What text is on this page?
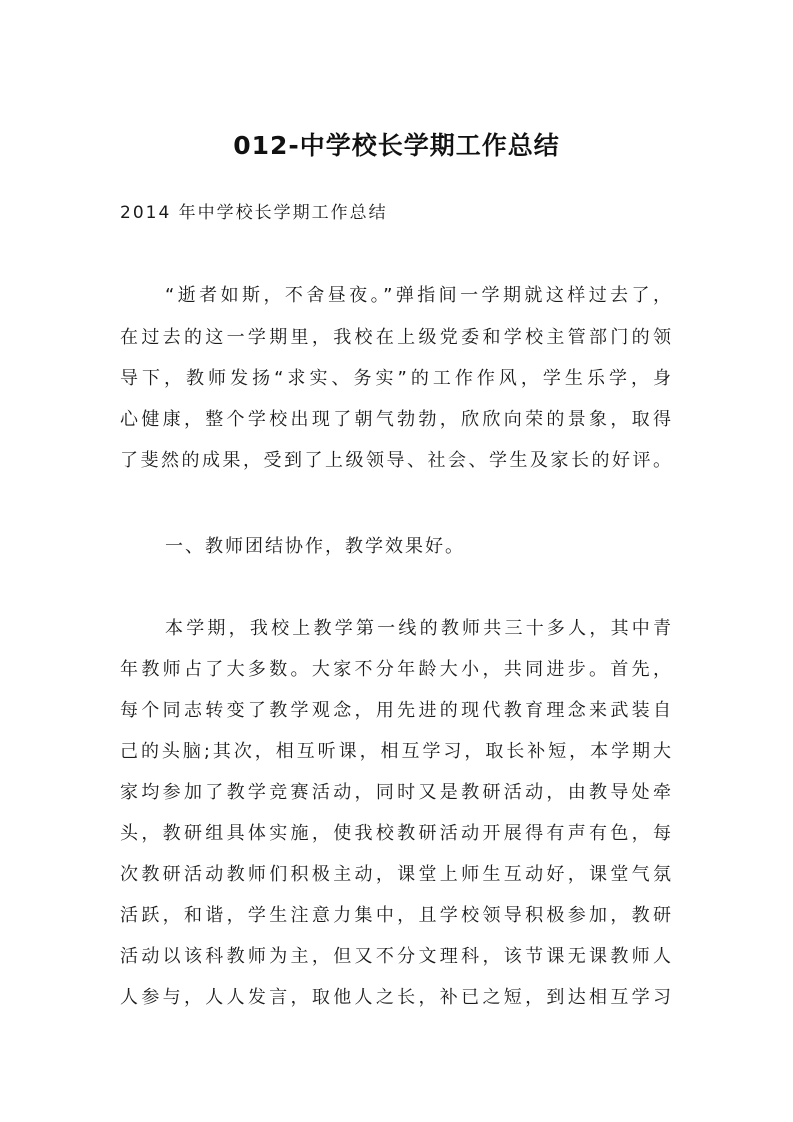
012-中学校长学期工作总结
2014 年中学校长学期工作总结
“逝者如斯，不舍昼夜。”弹指间一学期就这样过去了，
在过去的这一学期里，我校在上级党委和学校主管部门的领
导下，教师发扬“求实、务实”的工作作风，学生乐学，身
心健康，整个学校出现了朝气勃勃，欣欣向荣的景象，取得
了斐然的成果，受到了上级领导、社会、学生及家长的好评。
一、教师团结协作，教学效果好。
本学期，我校上教学第一线的教师共三十多人，其中青
年教师占了大多数。大家不分年龄大小，共同进步。首先，
每个同志转变了教学观念，用先进的现代教育理念来武装自
己的头脑;其次，相互听课，相互学习，取长补短，本学期大
家均参加了教学竞赛活动，同时又是教研活动，由教导处牵
头，教研组具体实施，使我校教研活动开展得有声有色，每
次教研活动教师们积极主动，课堂上师生互动好，课堂气氛
活跃，和谐，学生注意力集中，且学校领导积极参加，教研
活动以该科教师为主，但又不分文理科，该节课无课教师人
人参与，人人发言，取他人之长，补已之短，到达相互学习
